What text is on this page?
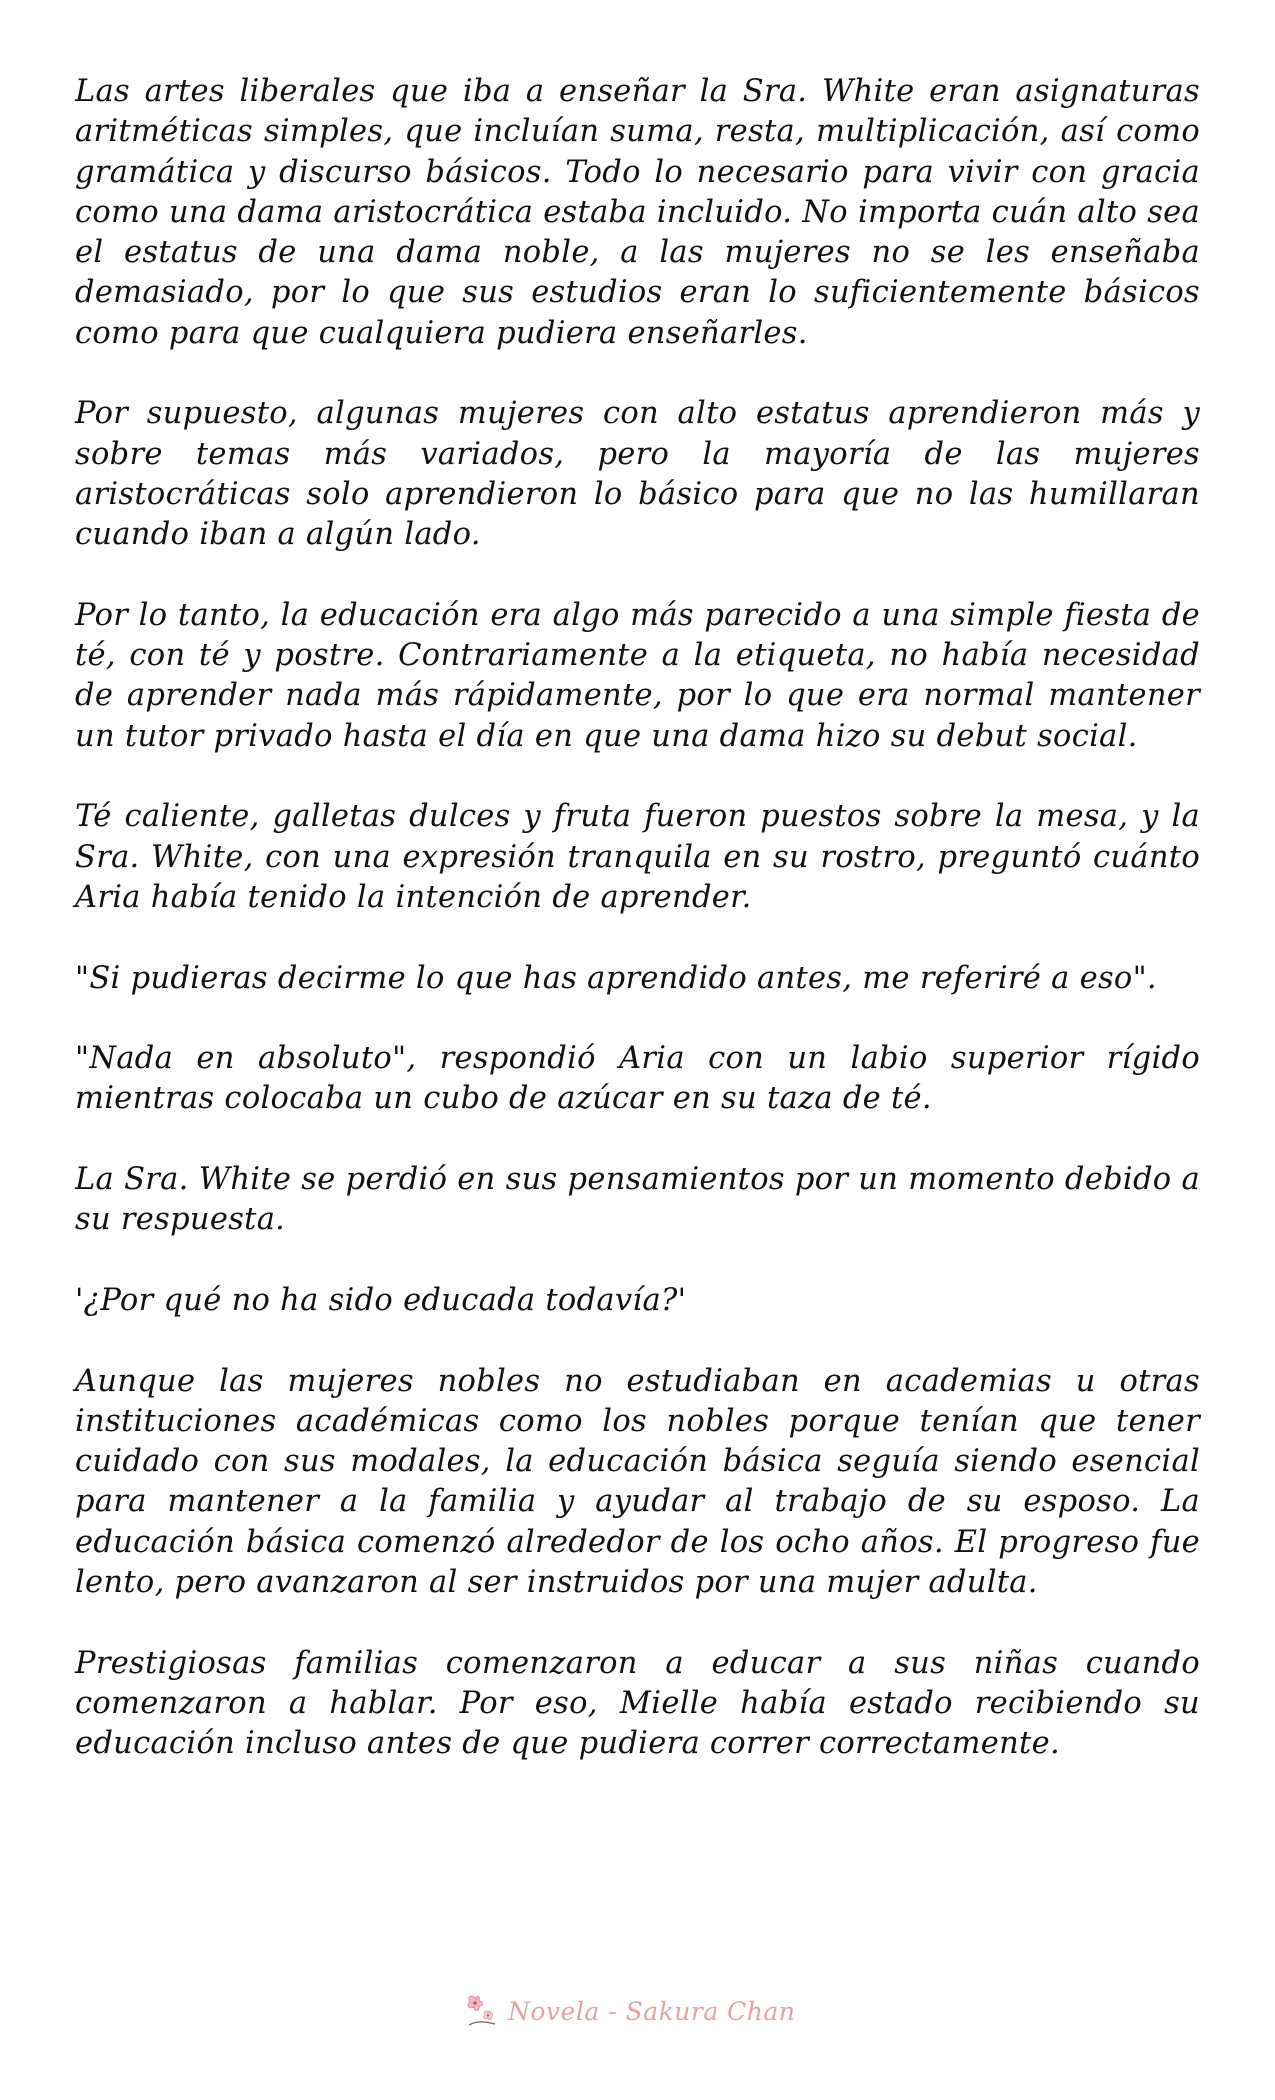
Las artes liberales que iba a enseñar la Sra. White eran asignaturas aritméticas simples, que incluían suma, resta, multiplicación, así como gramática y discurso básicos. Todo lo necesario para vivir con gracia como una dama aristocrática estaba incluido. No importa cuán alto sea el estatus de una dama noble, a las mujeres no se les enseñaba demasiado, por lo que sus estudios eran lo suficientemente básicos como para que cualquiera pudiera enseñarles.

Por supuesto, algunas mujeres con alto estatus aprendieron más y sobre temas más variados, pero la mayoría de las mujeres aristocráticas solo aprendieron lo básico para que no las humillaran cuando iban a algún lado.

Por lo tanto, la educación era algo más parecido a una simple fiesta de té, con té y postre. Contrariamente a la etiqueta, no había necesidad de aprender nada más rápidamente, por lo que era normal mantener un tutor privado hasta el día en que una dama hizo su debut social.

Té caliente, galletas dulces y fruta fueron puestos sobre la mesa, y la Sra. White, con una expresión tranquila en su rostro, preguntó cuánto Aria había tenido la intención de aprender.

"Si pudieras decirme lo que has aprendido antes, me referiré a eso".

"Nada en absoluto", respondió Aria con un labio superior rígido mientras colocaba un cubo de azúcar en su taza de té.

La Sra. White se perdió en sus pensamientos por un momento debido a su respuesta.

'¿Por qué no ha sido educada todavía?'

Aunque las mujeres nobles no estudiaban en academias u otras instituciones académicas como los nobles porque tenían que tener cuidado con sus modales, la educación básica seguía siendo esencial para mantener a la familia y ayudar al trabajo de su esposo. La educación básica comenzó alrededor de los ocho años. El progreso fue lento, pero avanzaron al ser instruidos por una mujer adulta.

Prestigiosas familias comenzaron a educar a sus niñas cuando comenzaron a hablar. Por eso, Mielle había estado recibiendo su educación incluso antes de que pudiera correr correctamente.

Novela - Sakura Chan
